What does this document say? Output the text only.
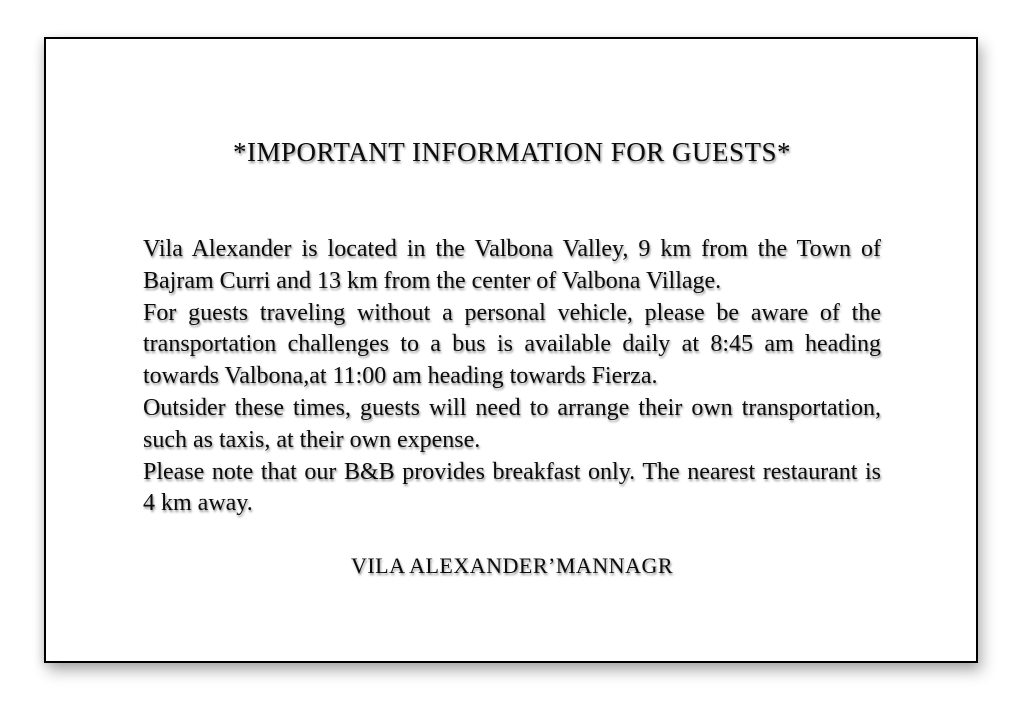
*IMPORTANT INFORMATION FOR GUESTS*

Vila Alexander is located in the Valbona Valley, 9 km from the Town of Bajram Curri and 13 km from the center of Valbona Village.

For guests traveling without a personal vehicle, please be aware of the transportation challenges to a bus is available daily at 8:45 am heading towards Valbona,at 11:00 am heading towards Fierza.

Outsider these times, guests will need to arrange their own transportation, such as taxis, at their own expense.

Please note that our B&B provides breakfast only. The nearest restaurant is 4 km away.

VILA ALEXANDER’MANNAGR
